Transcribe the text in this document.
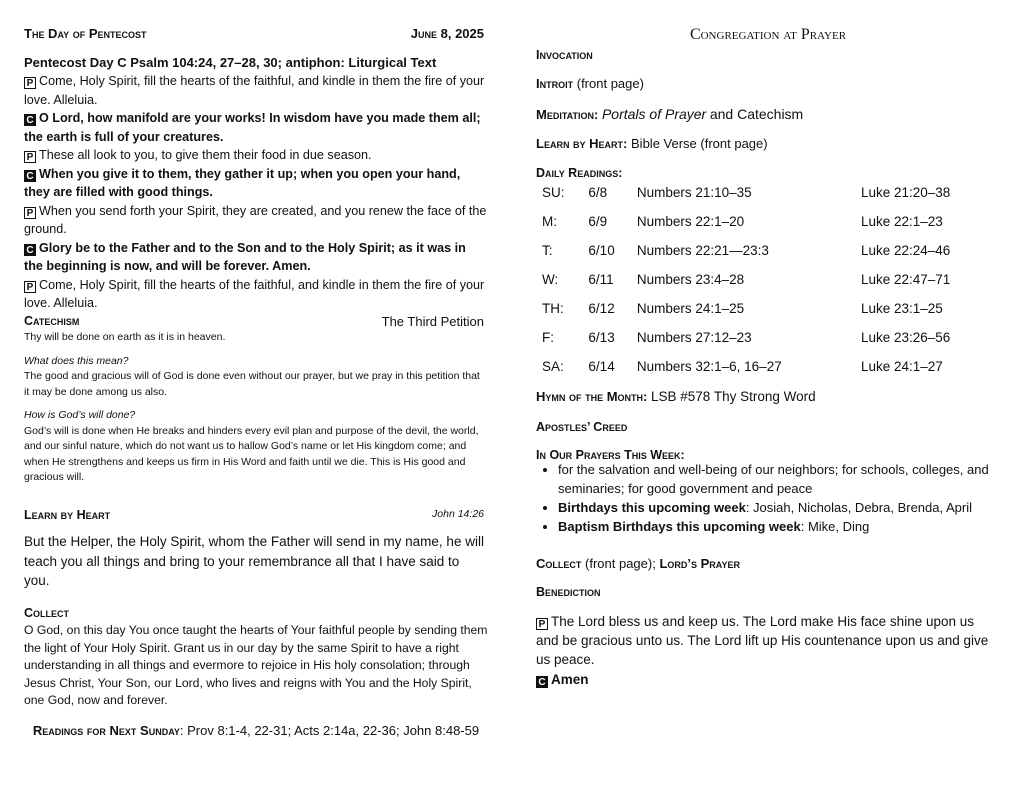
The Day of Pentecost	June 8, 2025

Pentecost Day C Psalm 104:24, 27–28, 30; antiphon: Liturgical Text

P Come, Holy Spirit, fill the hearts of the faithful, and kindle in them the fire of your love. Alleluia.

C O Lord, how manifold are your works! In wisdom have you made them all; the earth is full of your creatures.

P These all look to you, to give them their food in due season.

C When you give it to them, they gather it up; when you open your hand, they are filled with good things.

P When you send forth your Spirit, they are created, and you renew the face of the ground.

C Glory be to the Father and to the Son and to the Holy Spirit; as it was in the beginning is now, and will be forever. Amen.

P Come, Holy Spirit, fill the hearts of the faithful, and kindle in them the fire of your love. Alleluia.

Catechism	The Third Petition

Thy will be done on earth as it is in heaven.

What does this mean?

The good and gracious will of God is done even without our prayer, but we pray in this petition that it may be done among us also.

How is God’s will done?

God’s will is done when He breaks and hinders every evil plan and purpose of the devil, the world, and our sinful nature, which do not want us to hallow God’s name or let His kingdom come; and when He strengthens and keeps us firm in His Word and faith until we die. This is His good and gracious will.

Learn by Heart	John 14:26

But the Helper, the Holy Spirit, whom the Father will send in my name, he will teach you all things and bring to your remembrance all that I have said to you.

Collect

O God, on this day You once taught the hearts of Your faithful people by sending them the light of Your Holy Spirit. Grant us in our day by the same Spirit to have a right understanding in all things and evermore to rejoice in His holy consolation; through Jesus Christ, Your Son, our Lord, who lives and reigns with You and the Holy Spirit, one God, now and forever.

Readings for Next Sunday: Prov 8:1-4, 22-31; Acts 2:14a, 22-36; John 8:48-59
Congregation at Prayer
Invocation
Introit (front page)
Meditation: Portals of Prayer and Catechism
Learn by Heart: Bible Verse (front page)
Daily Readings:
SU:	6/8	Numbers 21:10–35	Luke 21:20–38
M:	6/9	Numbers 22:1–20	Luke 22:1–23
T:	6/10	Numbers 22:21—23:3	Luke 22:24–46
W:	6/11	Numbers 23:4–28	Luke 22:47–71
TH:	6/12	Numbers 24:1–25	Luke 23:1–25
F:	6/13	Numbers 27:12–23	Luke 23:26–56
SA:	6/14	Numbers 32:1–6, 16–27	Luke 24:1–27
Hymn of the Month: LSB #578 Thy Strong Word
Apostles’ Creed
In Our Prayers This Week:
• for the salvation and well-being of our neighbors; for schools, colleges, and seminaries; for good government and peace
• Birthdays this upcoming week: Josiah, Nicholas, Debra, Brenda, April
• Baptism Birthdays this upcoming week: Mike, Ding
Collect (front page); Lord’s Prayer
Benediction
P The Lord bless us and keep us. The Lord make His face shine upon us and be gracious unto us. The Lord lift up His countenance upon us and give us peace.
C Amen
